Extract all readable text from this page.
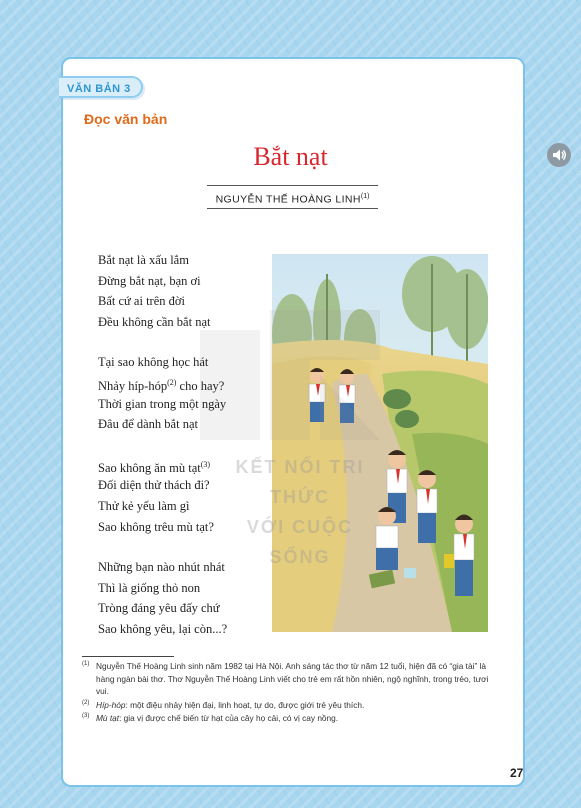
VĂN BẢN 3
Đọc văn bản
Bắt nạt
NGUYỄN THẾ HOÀNG LINH$^{(1)}$
KẾT NỐI TRI THỨC
VỚI CUỘC SỐNG
Bắt nạt là xấu lắm
Đừng bắt nạt, bạn ơi
Bất cứ ai trên đời
Đều không cần bắt nạt
Tại sao không học hát
Nhảy híp-hóp$^{(2)}$ cho hay?
Thời gian trong một ngày
Đâu để dành bắt nạt
Sao không ăn mù tạt$^{(3)}$
Đối diện thử thách đi?
Thử kẻ yếu làm gì
Sao không trêu mù tạt?
Những bạn nào nhút nhát
Thì là giống thỏ non
Tròng đáng yêu đấy chứ
Sao không yêu, lại còn...?
(1) Nguyễn Thế Hoàng Linh sinh năm 1982 tại Hà Nội. Anh sáng tác thơ từ năm 12 tuổi, hiện đã có “gia tài” là hàng ngàn bài thơ. Thơ Nguyễn Thế Hoàng Linh viết cho trẻ em rất hồn nhiên, ngộ nghĩnh, trong trẻo, tươi vui.
(2) Híp-hóp: một điệu nhảy hiện đại, linh hoạt, tự do, được giới trẻ yêu thích.
(3) Mù tạt: gia vị được chế biến từ hạt của cây họ cải, có vị cay nồng.
27
